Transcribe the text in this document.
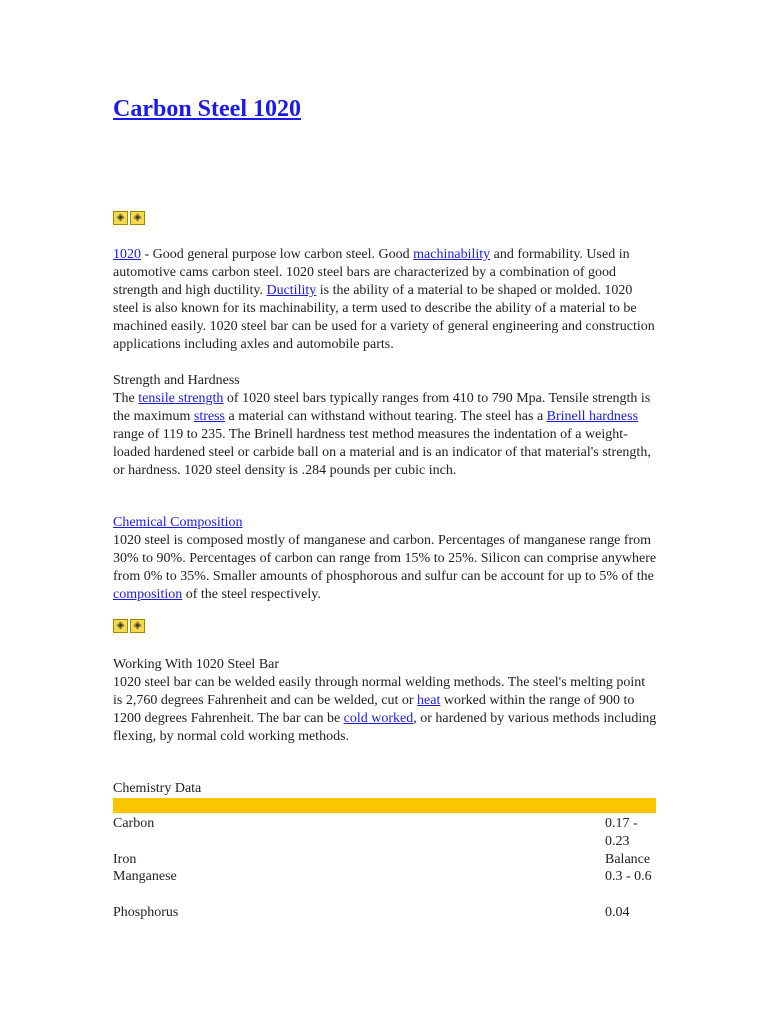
Carbon Steel 1020
◈ ◈

1020 - Good general purpose low carbon steel. Good machinability and formability. Used in automotive cams carbon steel. 1020 steel bars are characterized by a combination of good strength and high ductility. Ductility is the ability of a material to be shaped or molded. 1020 steel is also known for its machinability, a term used to describe the ability of a material to be machined easily. 1020 steel bar can be used for a variety of general engineering and construction applications including axles and automobile parts.

Strength and Hardness
The tensile strength of 1020 steel bars typically ranges from 410 to 790 Mpa. Tensile strength is the maximum stress a material can withstand without tearing. The steel has a Brinell hardness range of 119 to 235. The Brinell hardness test method measures the indentation of a weight-loaded hardened steel or carbide ball on a material and is an indicator of that material's strength, or hardness. 1020 steel density is .284 pounds per cubic inch.

Chemical Composition
1020 steel is composed mostly of manganese and carbon. Percentages of manganese range from 30% to 90%. Percentages of carbon can range from 15% to 25%. Silicon can comprise anywhere from 0% to 35%. Smaller amounts of phosphorous and sulfur can be account for up to 5% of the composition of the steel respectively.

◈ ◈

Working With 1020 Steel Bar
1020 steel bar can be welded easily through normal welding methods. The steel's melting point is 2,760 degrees Fahrenheit and can be welded, cut or heat worked within the range of 900 to 1200 degrees Fahrenheit. The bar can be cold worked, or hardened by various methods including flexing, by normal cold working methods.

Chemistry Data
Carbon	0.17 - 0.23
Iron	Balance
Manganese	0.3 - 0.6
Phosphorus	0.04
